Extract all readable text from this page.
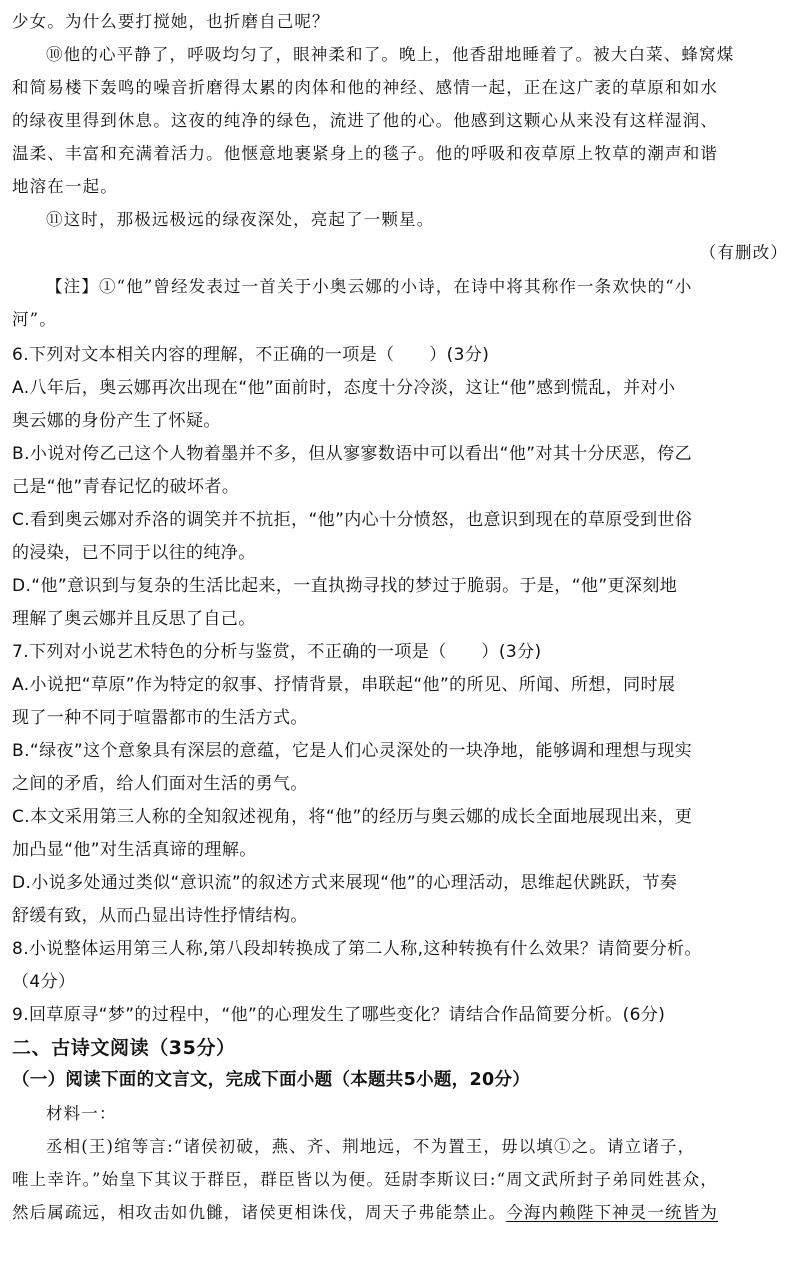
少女。为什么要打搅她，也折磨自己呢？
⑩他的心平静了，呼吸均匀了，眼神柔和了。晚上，他香甜地睡着了。被大白菜、蜂窝煤
和简易楼下轰鸣的噪音折磨得太累的肉体和他的神经、感情一起，正在这广袤的草原和如水
的绿夜里得到休息。这夜的纯净的绿色，流进了他的心。他感到这颗心从来没有这样湿润、
温柔、丰富和充满着活力。他惬意地裹紧身上的毯子。他的呼吸和夜草原上牧草的潮声和谐
地溶在一起。
⑪这时，那极远极远的绿夜深处，亮起了一颗星。
（有删改）
【注】①“他”曾经发表过一首关于小奥云娜的小诗，在诗中将其称作一条欢快的“小
河”。
6.下列对文本相关内容的理解，不正确的一项是（　　）(3分)
A.八年后，奥云娜再次出现在“他”面前时，态度十分冷淡，这让“他”感到慌乱，并对小
奥云娜的身份产生了怀疑。
B.小说对侉乙己这个人物着墨并不多，但从寥寥数语中可以看出“他”对其十分厌恶，侉乙
己是“他”青春记忆的破坏者。
C.看到奥云娜对乔洛的调笑并不抗拒，“他”内心十分愤怒，也意识到现在的草原受到世俗
的浸染，已不同于以往的纯净。
D.“他”意识到与复杂的生活比起来，一直执拗寻找的梦过于脆弱。于是，“他”更深刻地
理解了奥云娜并且反思了自己。
7.下列对小说艺术特色的分析与鉴赏，不正确的一项是（　　）(3分)
A.小说把“草原”作为特定的叙事、抒情背景，串联起“他”的所见、所闻、所想，同时展
现了一种不同于喧嚣都市的生活方式。
B.“绿夜”这个意象具有深层的意蕴，它是人们心灵深处的一块净地，能够调和理想与现实
之间的矛盾，给人们面对生活的勇气。
C.本文采用第三人称的全知叙述视角，将“他”的经历与奥云娜的成长全面地展现出来，更
加凸显“他”对生活真谛的理解。
D.小说多处通过类似“意识流”的叙述方式来展现“他”的心理活动，思维起伏跳跃，节奏
舒缓有致，从而凸显出诗性抒情结构。
8.小说整体运用第三人称,第八段却转换成了第二人称,这种转换有什么效果？请简要分析。
（4分）
9.回草原寻“梦”的过程中，“他”的心理发生了哪些变化？请结合作品简要分析。(6分)
二、古诗文阅读（35分）
（一）阅读下面的文言文，完成下面小题（本题共5小题，20分）
材料一：
丞相(王)绾等言:“诸侯初破，燕、齐、荆地远，不为置王，毋以填①之。请立诸子，
唯上幸许。”始皇下其议于群臣，群臣皆以为便。廷尉李斯议曰:“周文武所封子弟同姓甚众，
然后属疏远，相攻击如仇雠，诸侯更相诛伐，周天子弗能禁止。今海内赖陛下神灵一统皆为
